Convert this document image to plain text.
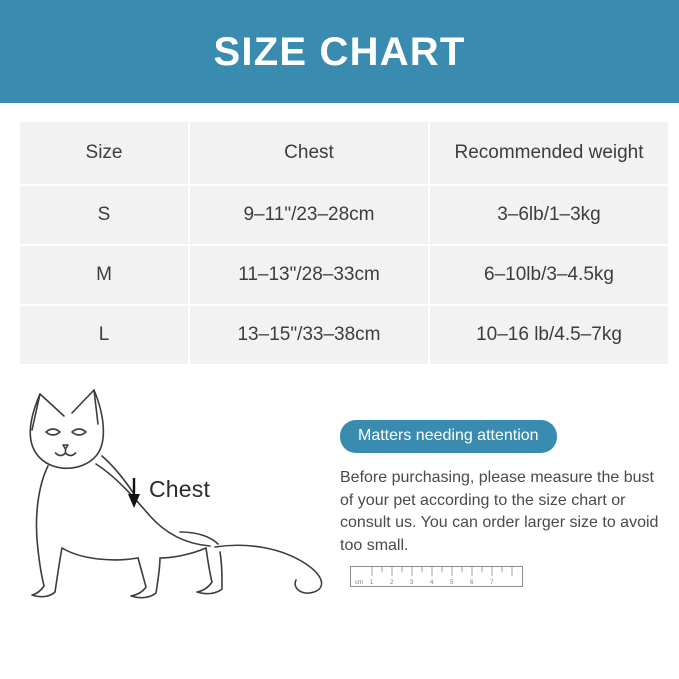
SIZE CHART
Size	Chest	Recommended weight
S	9–11"/23–28cm	3–6lb/1–3kg
M	11–13"/28–33cm	6–10lb/3–4.5kg
L	13–15"/33–38cm	10–16 lb/4.5–7kg
Chest
Matters needing attention
Before purchasing, please measure the bust of your pet according to the size chart or consult us. You can order larger size to avoid too small.
cm 1	2	3	4	5	6	7
